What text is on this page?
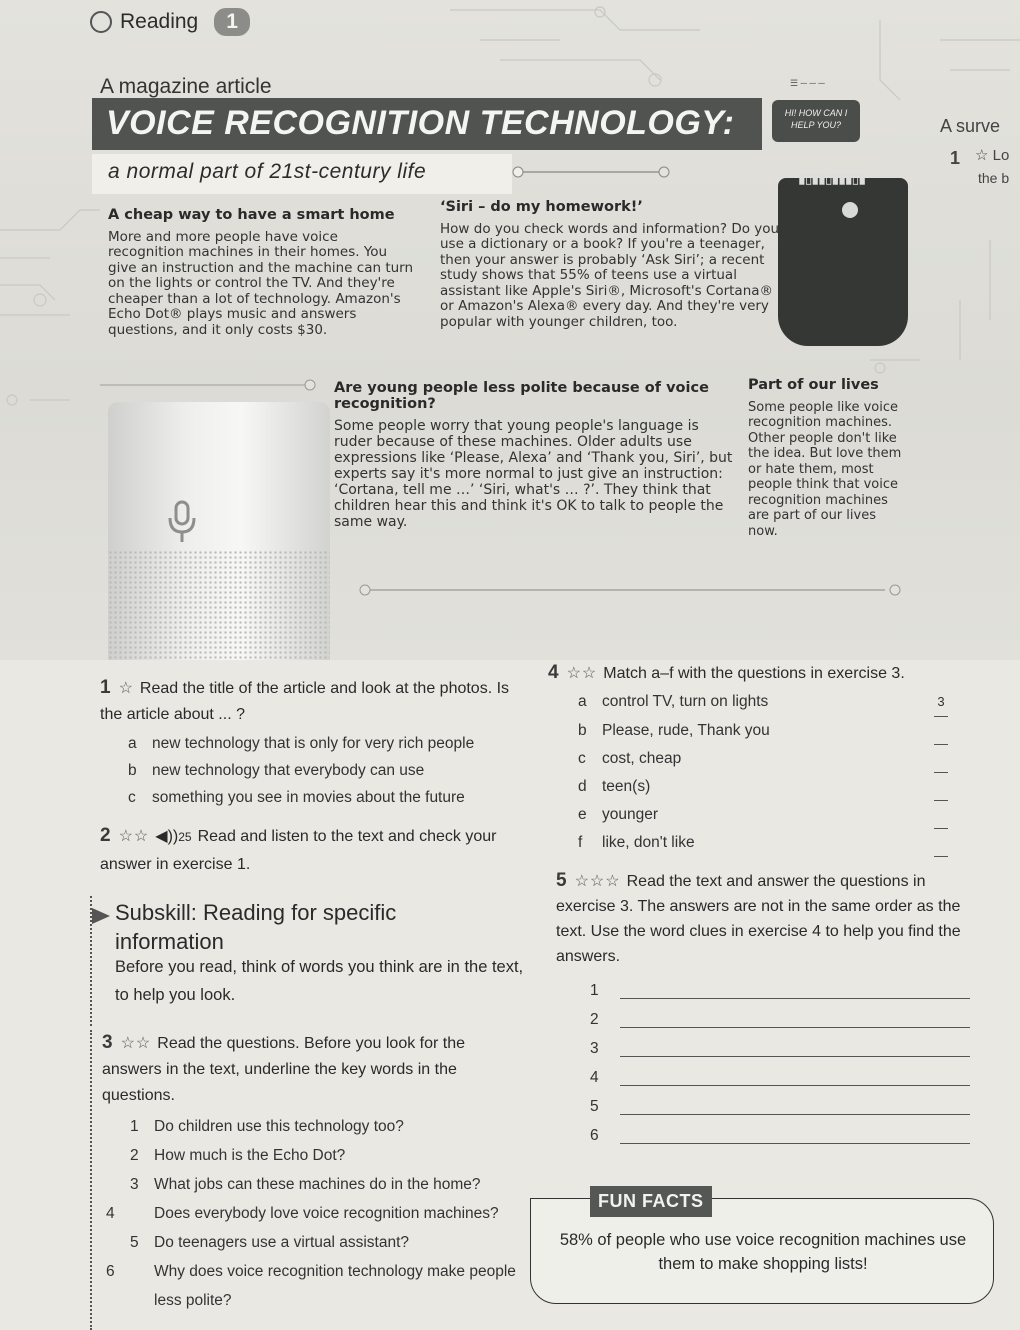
Reading	1
A magazine article
VOICE RECOGNITION TECHNOLOGY:
a normal part of 21st-century life
☰ ─ ─ ─
HI! HOW CAN I HELP YOU?
▮▯▮▮▯▮▮▮▯▮
A surve
1 ☆ Lo
the b
A cheap way to have a smart home

More and more people have voice recognition machines in their homes. You give an instruction and the machine can turn on the lights or control the TV. And they're cheaper than a lot of technology. Amazon's Echo Dot® plays music and answers questions, and it only costs $30.

‘Siri – do my homework!’

How do you check words and information? Do you use a dictionary or a book? If you're a teenager, then your answer is probably ‘Ask Siri’; a recent study shows that 55% of teens use a virtual assistant like Apple's Siri®, Microsoft's Cortana® or Amazon's Alexa® every day. And they're very popular with younger children, too.

Are young people less polite because of voice recognition?

Some people worry that young people's language is ruder because of these machines. Older adults use expressions like ‘Please, Alexa’ and ‘Thank you, Siri’, but experts say it's more normal to just give an instruction: ‘Cortana, tell me …’ ‘Siri, what's … ?’. They think that children hear this and think it's OK to talk to people the same way.

Part of our lives

Some people like voice recognition machines. Other people don't like the idea. But love them or hate them, most people think that voice recognition machines are part of our lives now.

1 ☆ Read the title of the article and look at the photos. Is the article about ... ?
a new technology that is only for very rich people
b new technology that everybody can use
c something you see in movies about the future
2 ☆☆ ◀︎))25 Read and listen to the text and check your answer in exercise 1.
Subskill: Reading for specific information
Before you read, think of words you think are in the text, to help you look.
3 ☆☆ Read the questions. Before you look for the answers in the text, underline the key words in the questions.
1 Do children use this technology too?
2 How much is the Echo Dot?
3 What jobs can these machines do in the home?
4	Does everybody love voice recognition machines?
5 Do teenagers use a virtual assistant?
6	Why does voice recognition technology make people less polite?
4 ☆☆ Match a–f with the questions in exercise 3.
a control TV, turn on lights	3
b Please, rude, Thank you
c	cost, cheap
d teen(s)
e younger
f	like, don't like
5 ☆☆☆ Read the text and answer the questions in exercise 3. The answers are not in the same order as the text. Use the word clues in exercise 4 to help you find the answers.
1
2
3
4
5
6
FUN FACTS
58% of people who use voice recognition machines use them to make shopping lists!
